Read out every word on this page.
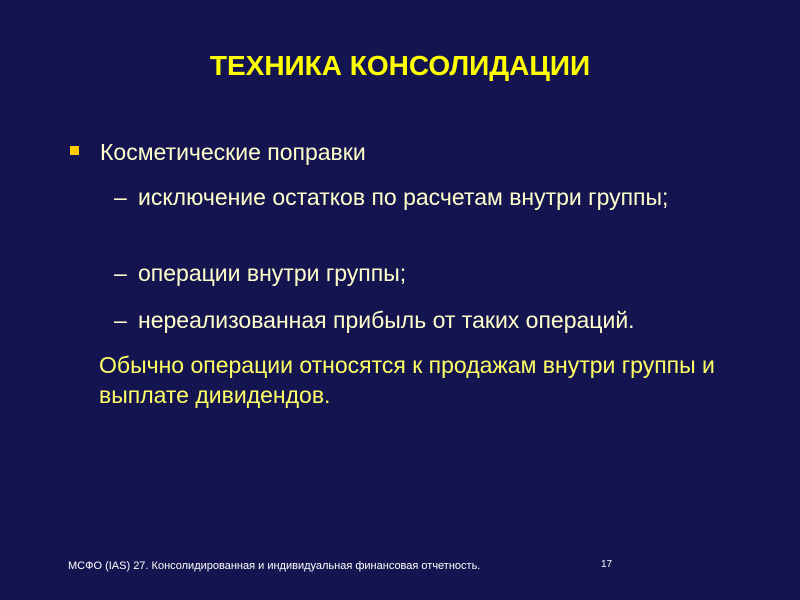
ТЕХНИКА КОНСОЛИДАЦИИ
Косметические поправки
– исключение остатков по расчетам внутри группы;
– операции внутри группы;
– нереализованная прибыль от таких операций.
Обычно операции относятся к продажам внутри группы и выплате дивидендов.
МСФО (IAS) 27. Консолидированная и индивидуальная финансовая отчетность.	17
